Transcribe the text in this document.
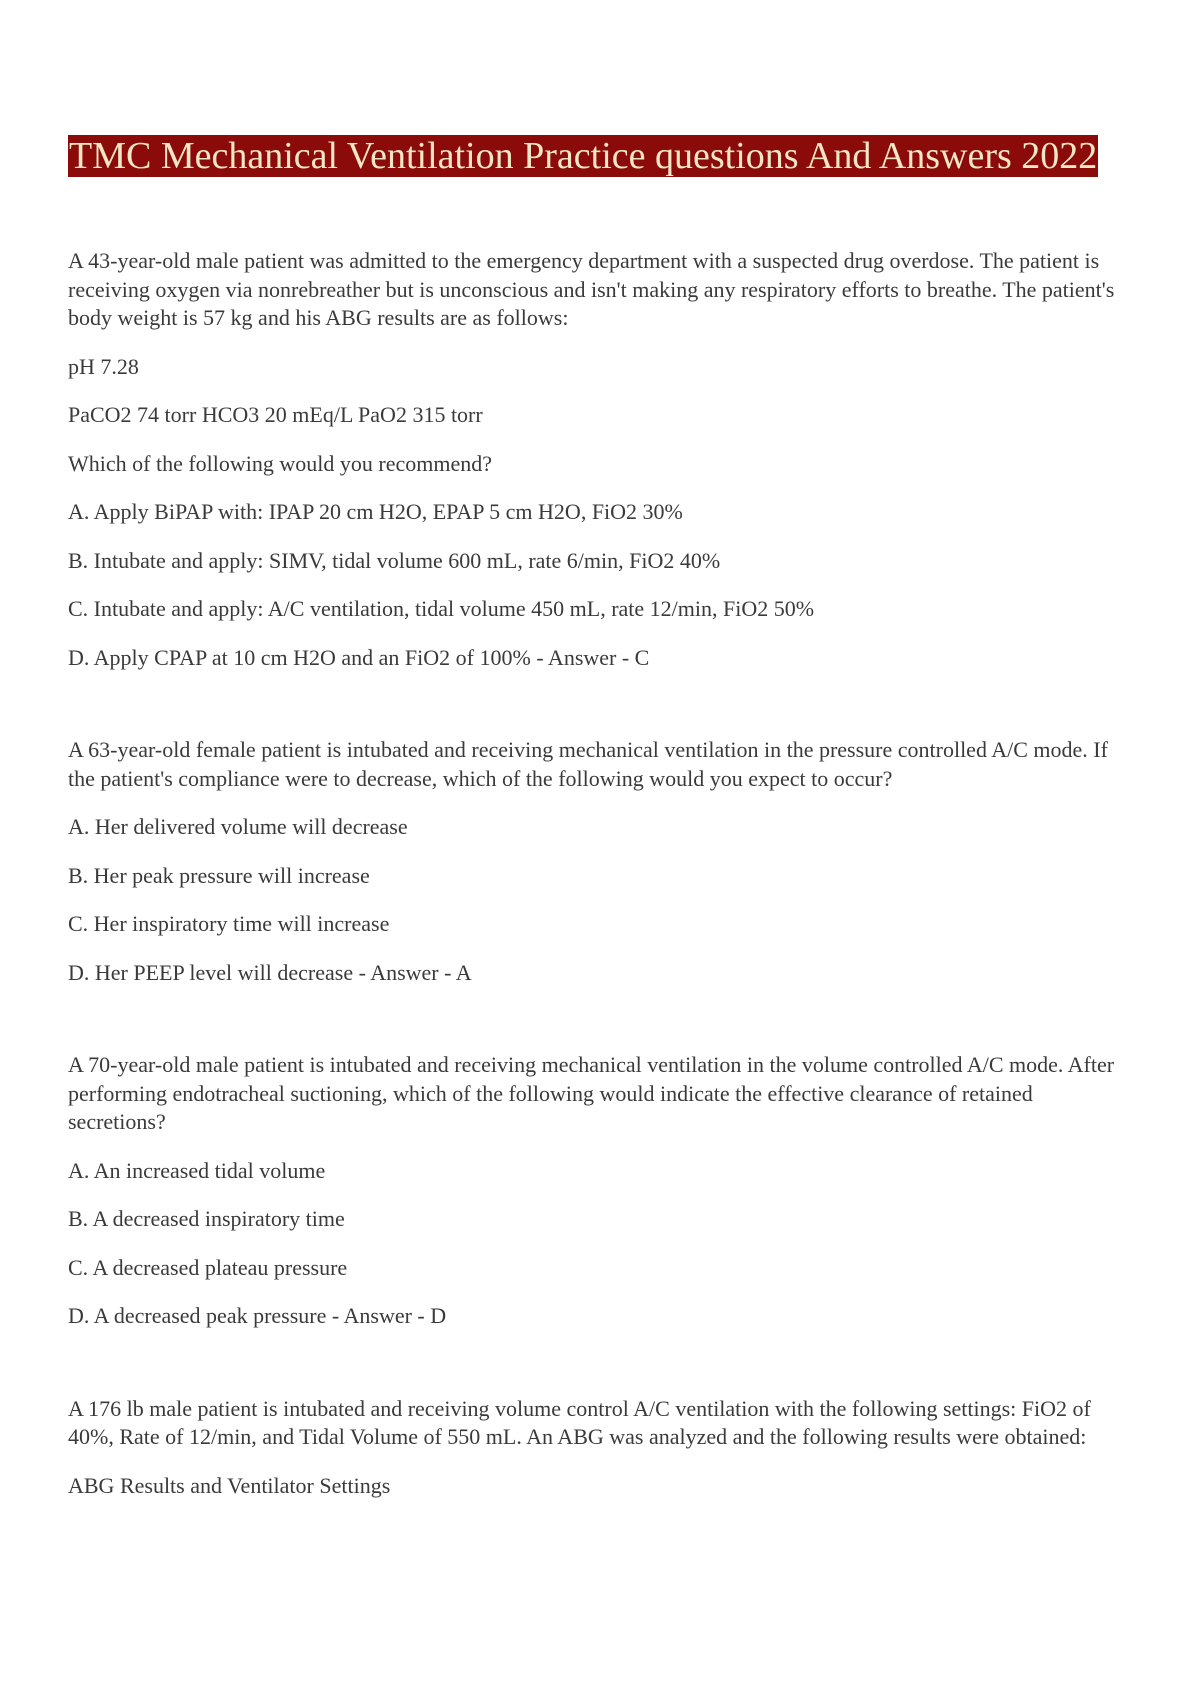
TMC Mechanical Ventilation Practice questions And Answers 2022

A 43-year-old male patient was admitted to the emergency department with a suspected drug overdose. The patient is receiving oxygen via nonrebreather but is unconscious and isn't making any respiratory efforts to breathe. The patient's body weight is 57 kg and his ABG results are as follows:

pH 7.28

PaCO2 74 torr HCO3 20 mEq/L PaO2 315 torr

Which of the following would you recommend?

A. Apply BiPAP with: IPAP 20 cm H2O, EPAP 5 cm H2O, FiO2 30%

B. Intubate and apply: SIMV, tidal volume 600 mL, rate 6/min, FiO2 40%

C. Intubate and apply: A/C ventilation, tidal volume 450 mL, rate 12/min, FiO2 50%

D. Apply CPAP at 10 cm H2O and an FiO2 of 100% - Answer - C

A 63-year-old female patient is intubated and receiving mechanical ventilation in the pressure controlled A/C mode. If the patient's compliance were to decrease, which of the following would you expect to occur?

A. Her delivered volume will decrease

B. Her peak pressure will increase

C. Her inspiratory time will increase

D. Her PEEP level will decrease - Answer - A

A 70-year-old male patient is intubated and receiving mechanical ventilation in the volume controlled A/C mode. After performing endotracheal suctioning, which of the following would indicate the effective clearance of retained secretions?

A. An increased tidal volume

B. A decreased inspiratory time

C. A decreased plateau pressure

D. A decreased peak pressure - Answer - D

A 176 lb male patient is intubated and receiving volume control A/C ventilation with the following settings: FiO2 of 40%, Rate of 12/min, and Tidal Volume of 550 mL. An ABG was analyzed and the following results were obtained:

ABG Results and Ventilator Settings
